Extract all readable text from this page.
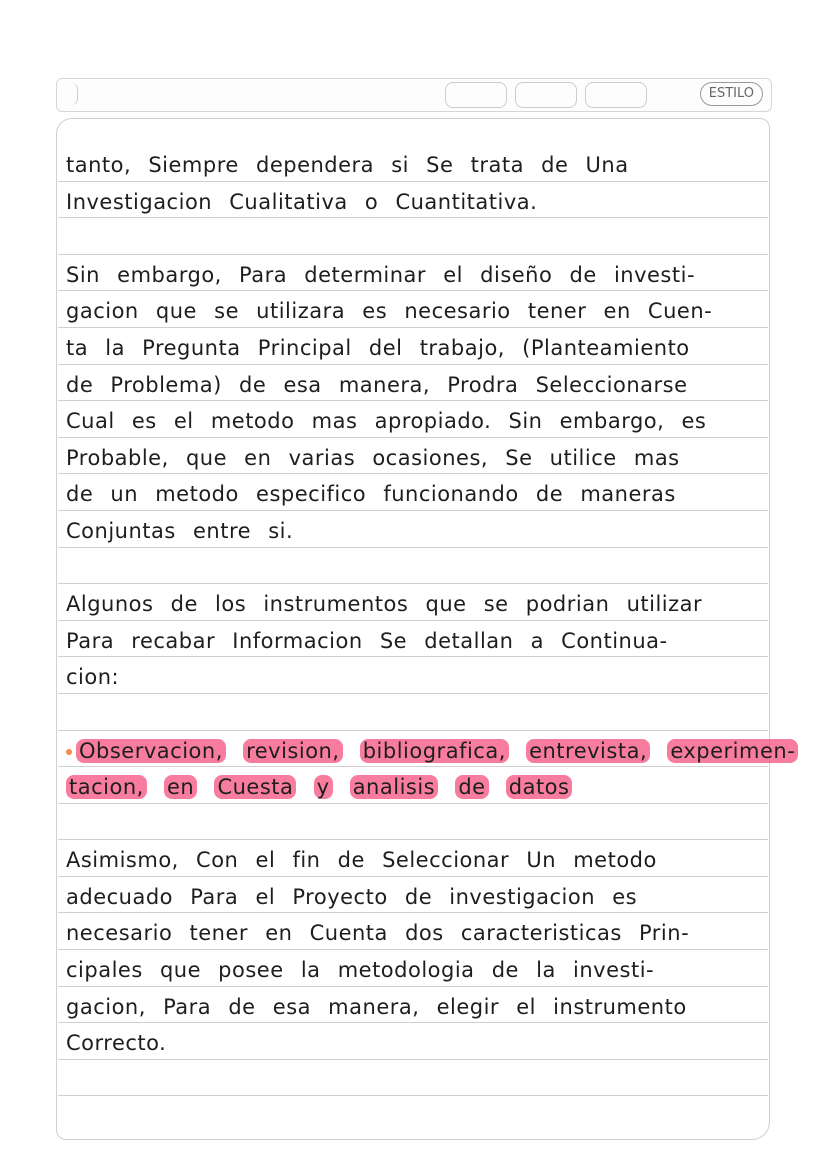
ESTILO
tanto, Siempre dependera si Se trata de Una
Investigacion Cualitativa o Cuantitativa.
Sin embargo, Para determinar el diseño de investi-
gacion que se utilizara es necesario tener en Cuen-
ta la Pregunta Principal del trabajo, (Planteamiento
de Problema) de esa manera, Prodra Seleccionarse
Cual es el metodo mas apropiado. Sin embargo, es
Probable, que en varias ocasiones, Se utilice mas
de un metodo especifico funcionando de maneras
Conjuntas entre si.
Algunos de los instrumentos que se podrian utilizar
Para recabar Informacion Se detallan a Continua-
cion:
Observacion, revision, bibliografica, entrevista, experimen-
tacion, en Cuesta y analisis de datos
Asimismo, Con el fin de Seleccionar Un metodo
adecuado Para el Proyecto de investigacion es
necesario tener en Cuenta dos caracteristicas Prin-
cipales que posee la metodologia de la investi-
gacion, Para de esa manera, elegir el instrumento
Correcto.
